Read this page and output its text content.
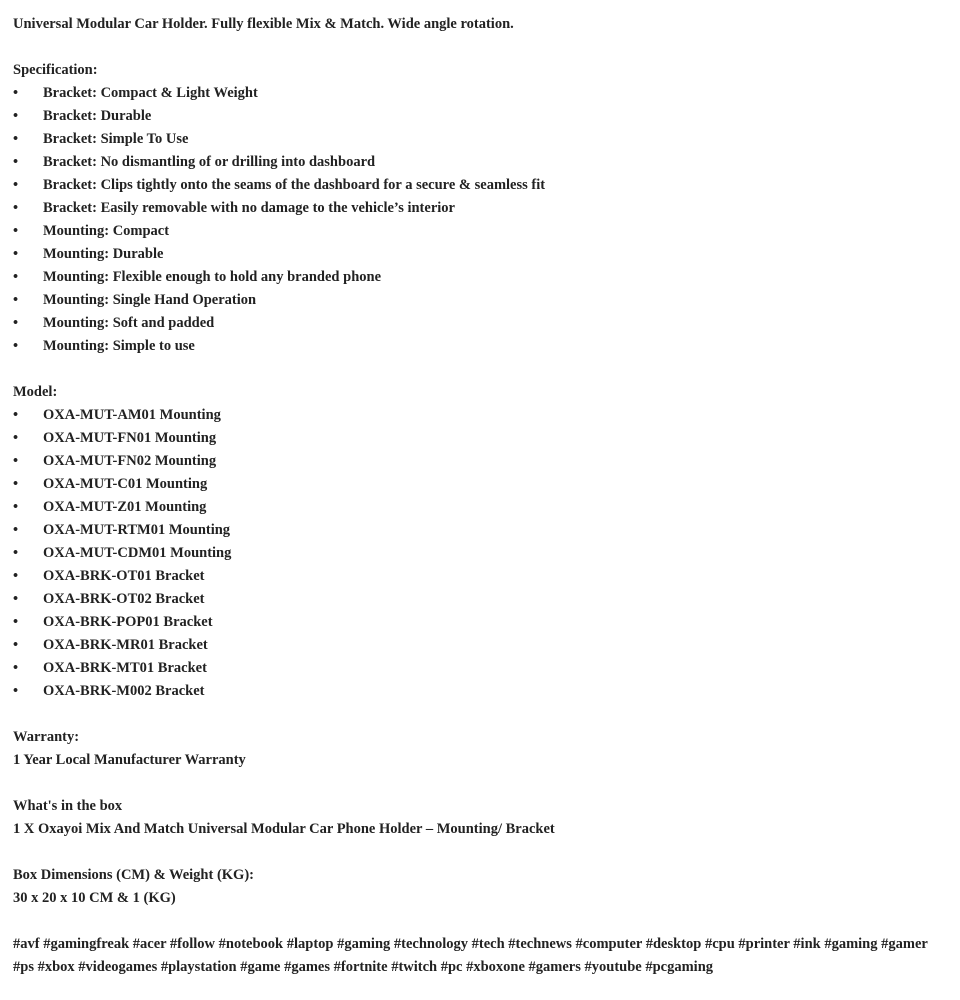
Universal Modular Car Holder. Fully flexible Mix & Match. Wide angle rotation.
Specification:
• Bracket: Compact & Light Weight
• Bracket: Durable
• Bracket: Simple To Use
• Bracket: No dismantling of or drilling into dashboard
• Bracket: Clips tightly onto the seams of the dashboard for a secure & seamless fit
• Bracket: Easily removable with no damage to the vehicle’s interior
• Mounting: Compact
• Mounting: Durable
• Mounting: Flexible enough to hold any branded phone
• Mounting: Single Hand Operation
• Mounting: Soft and padded
• Mounting: Simple to use
Model:
• OXA-MUT-AM01 Mounting
• OXA-MUT-FN01 Mounting
• OXA-MUT-FN02 Mounting
• OXA-MUT-C01 Mounting
• OXA-MUT-Z01 Mounting
• OXA-MUT-RTM01 Mounting
• OXA-MUT-CDM01 Mounting
• OXA-BRK-OT01 Bracket
• OXA-BRK-OT02 Bracket
• OXA-BRK-POP01 Bracket
• OXA-BRK-MR01 Bracket
• OXA-BRK-MT01 Bracket
• OXA-BRK-M002 Bracket
Warranty:
1 Year Local Manufacturer Warranty
What's in the box
1 X Oxayoi Mix And Match Universal Modular Car Phone Holder – Mounting/ Bracket
Box Dimensions (CM) & Weight (KG):
30 x 20 x 10 CM & 1 (KG)
#avf #gamingfreak #acer #follow #notebook #laptop #gaming #technology #tech #technews #computer #desktop #cpu #printer #ink #gaming #gamer #ps #xbox #videogames #playstation #game #games #fortnite #twitch #pc #xboxone #gamers #youtube #pcgaming
